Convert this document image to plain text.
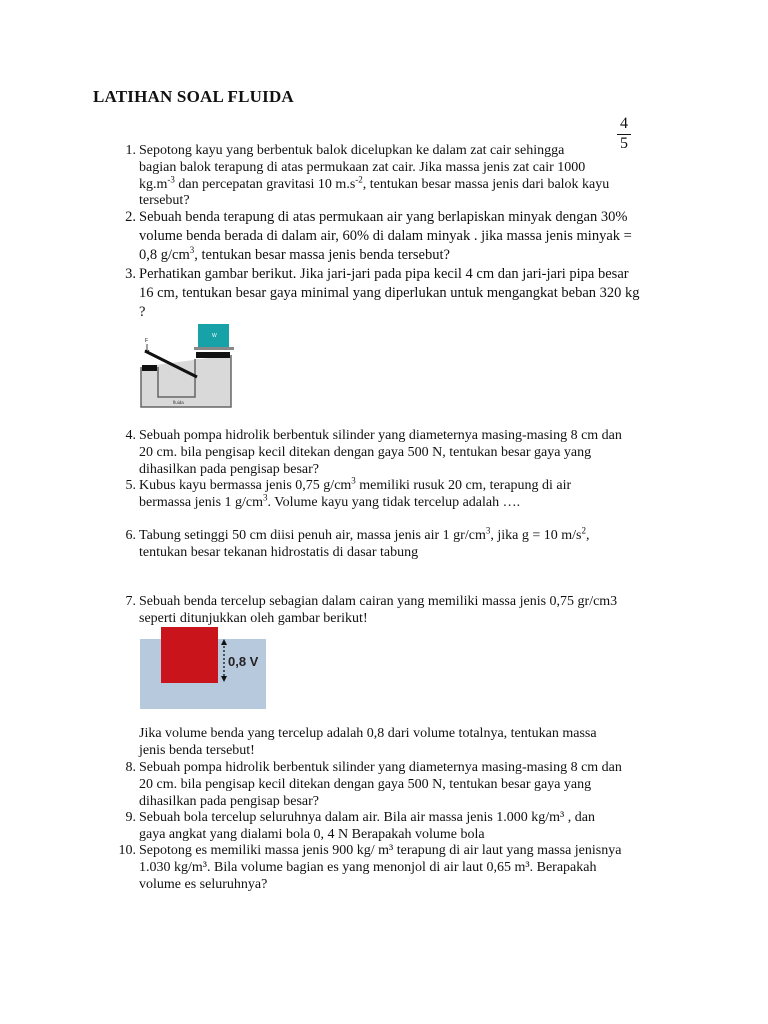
LATIHAN SOAL FLUIDA
4
5
1. Sepotong kayu yang berbentuk balok dicelupkan ke dalam zat cair sehingga
bagian balok terapung di atas permukaan zat cair. Jika massa jenis zat cair 1000
$kg.m^{-3}$ dan percepatan gravitasi 10 $m.s^{-2}$, tentukan besar massa jenis dari balok kayu
tersebut?
2. Sebuah benda terapung di atas permukaan air yang berlapiskan minyak dengan 30%
volume benda berada di dalam air, 60% di dalam minyak . jika massa jenis minyak =
0,8 $g/cm^3$, tentukan besar massa jenis benda tersebut?
3. Perhatikan gambar berikut. Jika jari-jari pada pipa kecil 4 cm dan jari-jari pipa besar
16 cm, tentukan besar gaya minimal yang diperlukan untuk mengangkat beban 320 kg
?
W
F
fluida
4. Sebuah pompa hidrolik berbentuk silinder yang diameternya masing-masing 8 cm dan
20 cm. bila pengisap kecil ditekan dengan gaya 500 N, tentukan besar gaya yang
dihasilkan pada pengisap besar?
5. Kubus kayu bermassa jenis 0,75 $g/cm^3$ memiliki rusuk 20 cm, terapung di air
bermassa jenis 1 $g/cm^3$. Volume kayu yang tidak tercelup adalah ….
6. Tabung setinggi 50 cm diisi penuh air, massa jenis air 1 $gr/cm^3$, jika g = 10 $m/s^2$,
tentukan besar tekanan hidrostatis di dasar tabung
7. Sebuah benda tercelup sebagian dalam cairan yang memiliki massa jenis 0,75 gr/cm3
seperti ditunjukkan oleh gambar berikut!
0,8 V
Jika volume benda yang tercelup adalah 0,8 dari volume totalnya, tentukan massa
jenis benda tersebut!
8. Sebuah pompa hidrolik berbentuk silinder yang diameternya masing-masing 8 cm dan
20 cm. bila pengisap kecil ditekan dengan gaya 500 N, tentukan besar gaya yang
dihasilkan pada pengisap besar?
9. Sebuah bola tercelup seluruhnya dalam air. Bila air massa jenis 1.000 kg/m³ , dan
gaya angkat yang dialami bola 0, 4 N Berapakah volume bola
10. Sepotong es memiliki massa jenis 900 kg/ m³ terapung di air laut yang massa jenisnya
1.030 kg/m³. Bila volume bagian es yang menonjol di air laut 0,65 m³. Berapakah
volume es seluruhnya?
